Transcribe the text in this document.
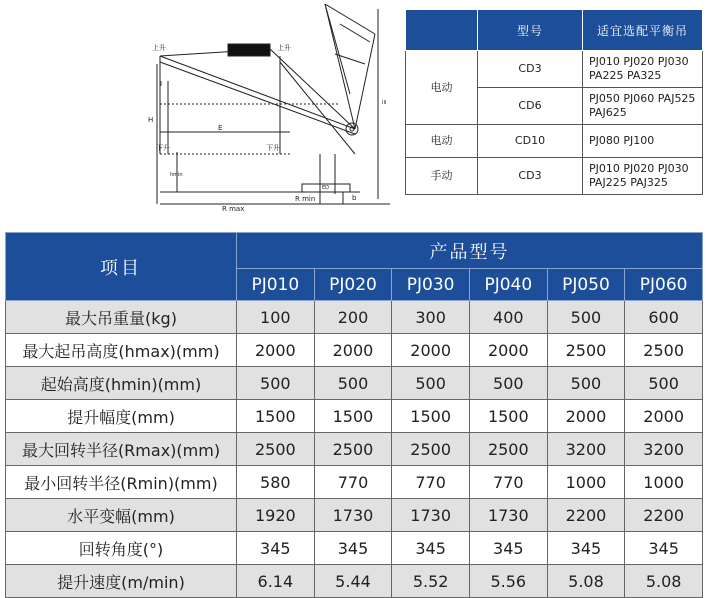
上升	上升
下升	下升
E
H
hmin
R max
R min	b
I
ED
III
	型号	适宜选配平衡吊
电动	CD3	PJ010 PJ020 PJ030
PA225 PA325
	CD6	PJ050 PJ060 PAJ525
PAJ625
电动	CD10	PJ080 PJ100
手动	CD3	PJ010 PJ020 PJ030
PAJ225 PAJ325
项目	产品型号					
	PJ010	PJ020	PJ030	PJ040	PJ050	PJ060
最大吊重量(kg)	100	200	300	400	500	600
最大起吊高度(hmax)(mm)	2000	2000	2000	2000	2500	2500
起始高度(hmin)(mm)	500	500	500	500	500	500
提升幅度(mm)	1500	1500	1500	1500	2000	2000
最大回转半径(Rmax)(mm)	2500	2500	2500	2500	3200	3200
最小回转半径(Rmin)(mm)	580	770	770	770	1000	1000
水平变幅(mm)	1920	1730	1730	1730	2200	2200
回转角度(°)	345	345	345	345	345	345
提升速度(m/min)	6.14	5.44	5.52	5.56	5.08	5.08
